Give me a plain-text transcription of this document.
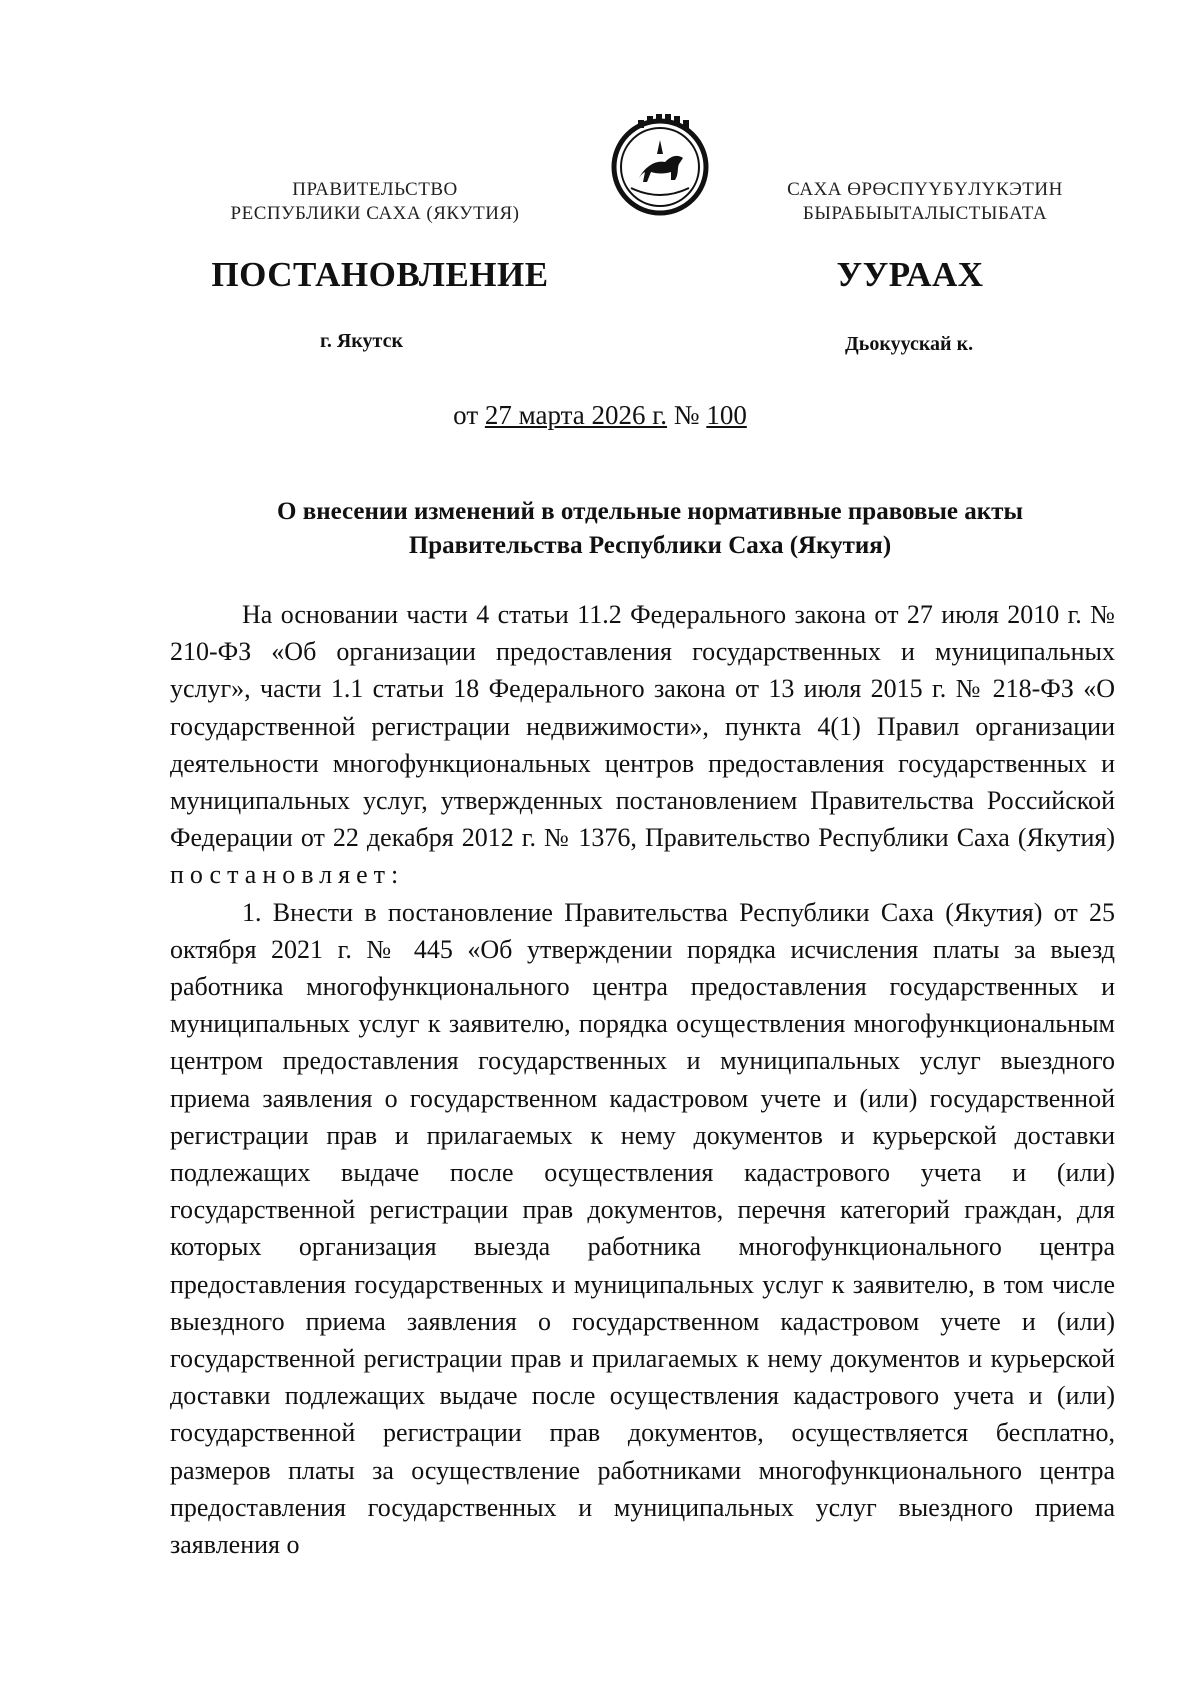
ПРАВИТЕЛЬСТВО
РЕСПУБЛИКИ САХА (ЯКУТИЯ)
САХА ӨРӨСПҮҮБҮЛҮКЭТИН
БЫРАБЫЫТАЛЫСТЫБАТА
ПОСТАНОВЛЕНИЕ	УУРААХ
г. Якутск	Дьокуускай к.
от 27 марта 2026 г. № 100
О внесении изменений в отдельные нормативные правовые акты
Правительства Республики Саха (Якутия)

На основании части 4 статьи 11.2 Федерального закона от 27 июля 2010 г. № 210-ФЗ «Об организации предоставления государственных и муниципальных услуг», части 1.1 статьи 18 Федерального закона от 13 июля 2015 г. № 218-ФЗ «О государственной регистрации недвижимости», пункта 4(1) Правил организации деятельности многофункциональных центров предоставления государственных и муниципальных услуг, утвержденных постановлением Правительства Российской Федерации от 22 декабря 2012 г. № 1376, Правительство Республики Саха (Якутия) постановляет:

1. Внести в постановление Правительства Республики Саха (Якутия) от 25 октября 2021 г. № 445 «Об утверждении порядка исчисления платы за выезд работника многофункционального центра предоставления государственных и муниципальных услуг к заявителю, порядка осуществления многофункциональным центром предоставления государственных и муниципальных услуг выездного приема заявления о государственном кадастровом учете и (или) государственной регистрации прав и прилагаемых к нему документов и курьерской доставки подлежащих выдаче после осуществления кадастрового учета и (или) государственной регистрации прав документов, перечня категорий граждан, для которых организация выезда работника многофункционального центра предоставления государственных и муниципальных услуг к заявителю, в том числе выездного приема заявления о государственном кадастровом учете и (или) государственной регистрации прав и прилагаемых к нему документов и курьерской доставки подлежащих выдаче после осуществления кадастрового учета и (или) государственной регистрации прав документов, осуществляется бесплатно, размеров платы за осуществление работниками многофункционального центра предоставления государственных и муниципальных услуг выездного приема заявления о
